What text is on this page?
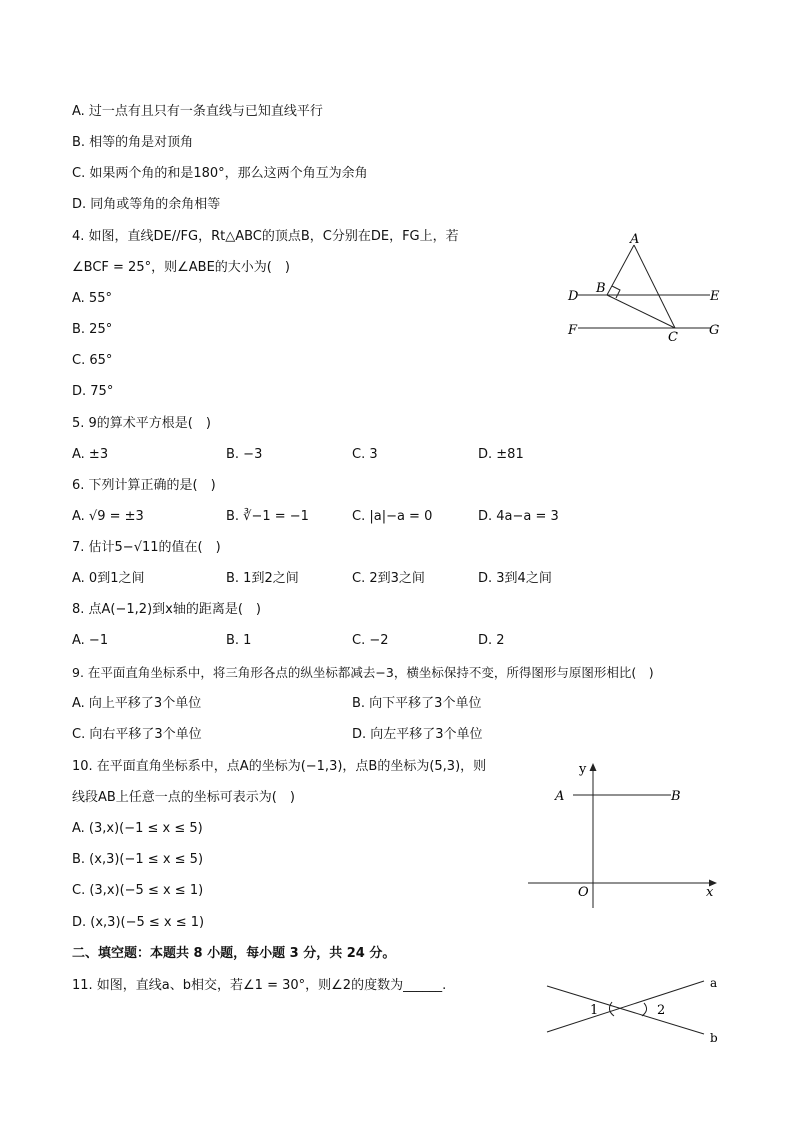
A. 过一点有且只有一条直线与已知直线平行
B. 相等的角是对顶角
C. 如果两个角的和是180°，那么这两个角互为余角
D. 同角或等角的余角相等
4. 如图，直线DE//FG，Rt△ABC的顶点B，C分别在DE，FG上，若
∠BCF = 25°，则∠ABE的大小为(　)
A. 55°
B. 25°
C. 65°
D. 75°
A
B
C
D	E
F	G
5. 9的算术平方根是(　)
A. ±3	B. −3	C. 3	D. ±81
6. 下列计算正确的是(　)
A. √9 = ±3	B. ∛−1 = −1	C. |a|−a = 0	D. 4a−a = 3
7. 估计5−√11的值在(　)
A. 0到1之间	B. 1到2之间	C. 2到3之间	D. 3到4之间
8. 点A(−1,2)到x轴的距离是(　)
A. −1	B. 1	C. −2	D. 2
9. 在平面直角坐标系中，将三角形各点的纵坐标都减去−3，横坐标保持不变，所得图形与原图形相比(　)
A. 向上平移了3个单位	B. 向下平移了3个单位
C. 向右平移了3个单位	D. 向左平移了3个单位
10. 在平面直角坐标系中，点A的坐标为(−1,3)，点B的坐标为(5,3)，则
线段AB上任意一点的坐标可表示为(　)
A. (3,x)(−1 ≤ x ≤ 5)
B. (x,3)(−1 ≤ x ≤ 5)
C. (3,x)(−5 ≤ x ≤ 1)
D. (x,3)(−5 ≤ x ≤ 1)
y
x
O
A	B
二、填空题：本题共 8 小题，每小题 3 分，共 24 分。
11. 如图，直线a、b相交，若∠1 = 30°，则∠2的度数为______.
1	2
a
b
